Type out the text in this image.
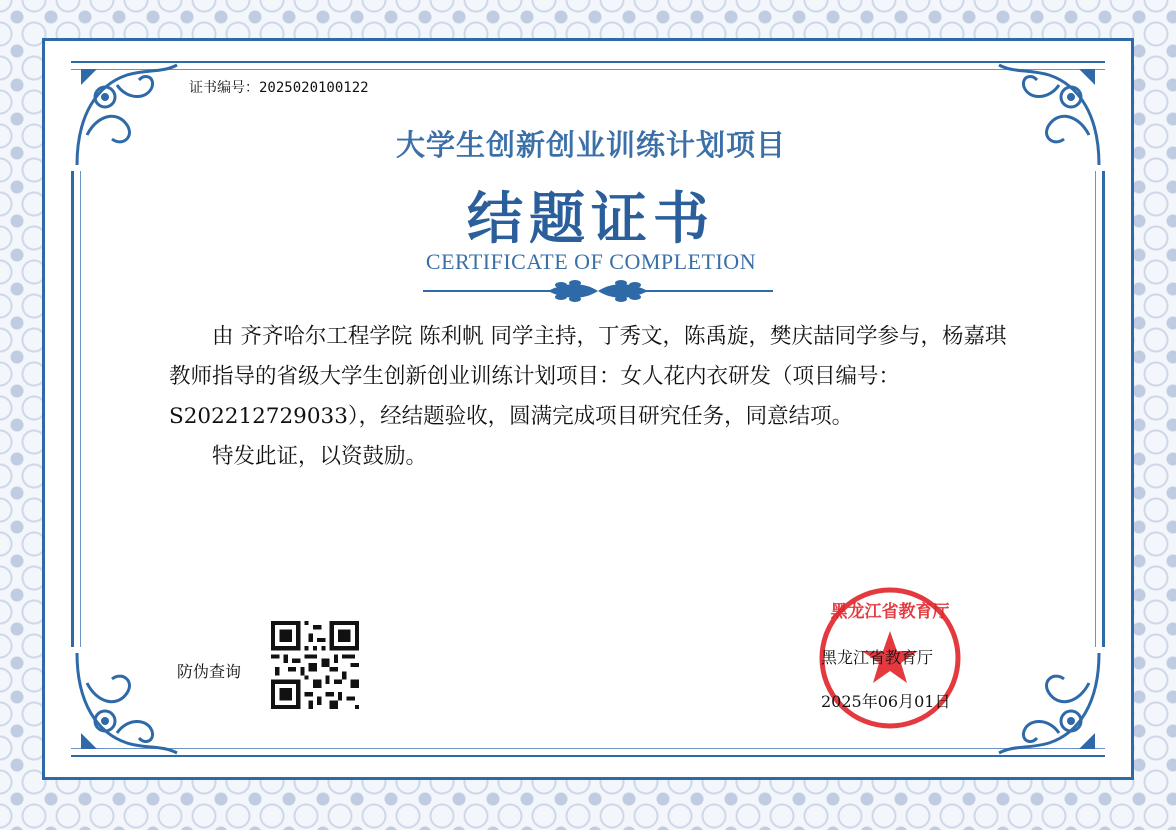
证书编号：2025020100122
大学生创新创业训练计划项目
结题证书
CERTIFICATE OF COMPLETION

由 齐齐哈尔工程学院 陈利帆 同学主持，丁秀文，陈禹旋，樊庆喆同学参与，杨嘉琪教师指导的省级大学生创新创业训练计划项目：女人花内衣研发（项目编号：S202212729033），经结题验收，圆满完成项目研究任务，同意结项。

特发此证，以资鼓励。

防伪查询
黑龙江省教育厅
黑龙江省教育厅
2025年06月01日
